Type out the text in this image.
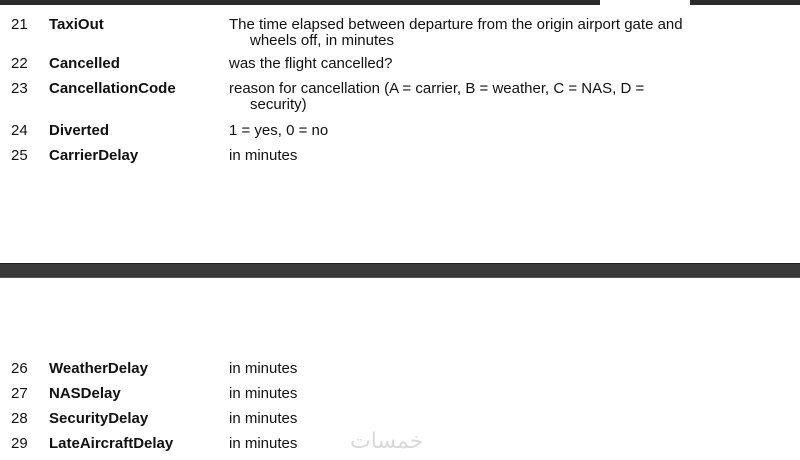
21 TaxiOut	The time elapsed between departure from the origin airport gate and
wheels off, in minutes
22 Cancelled	was the flight cancelled?
23 CancellationCode	reason for cancellation (A = carrier, B = weather, C = NAS, D =
security)
24 Diverted	1 = yes, 0 = no
25 CarrierDelay	in minutes
26 WeatherDelay	in minutes
27 NASDelay	in minutes
28 SecurityDelay	in minutes
29 LateAircraftDelay	in minutes	خمسات
